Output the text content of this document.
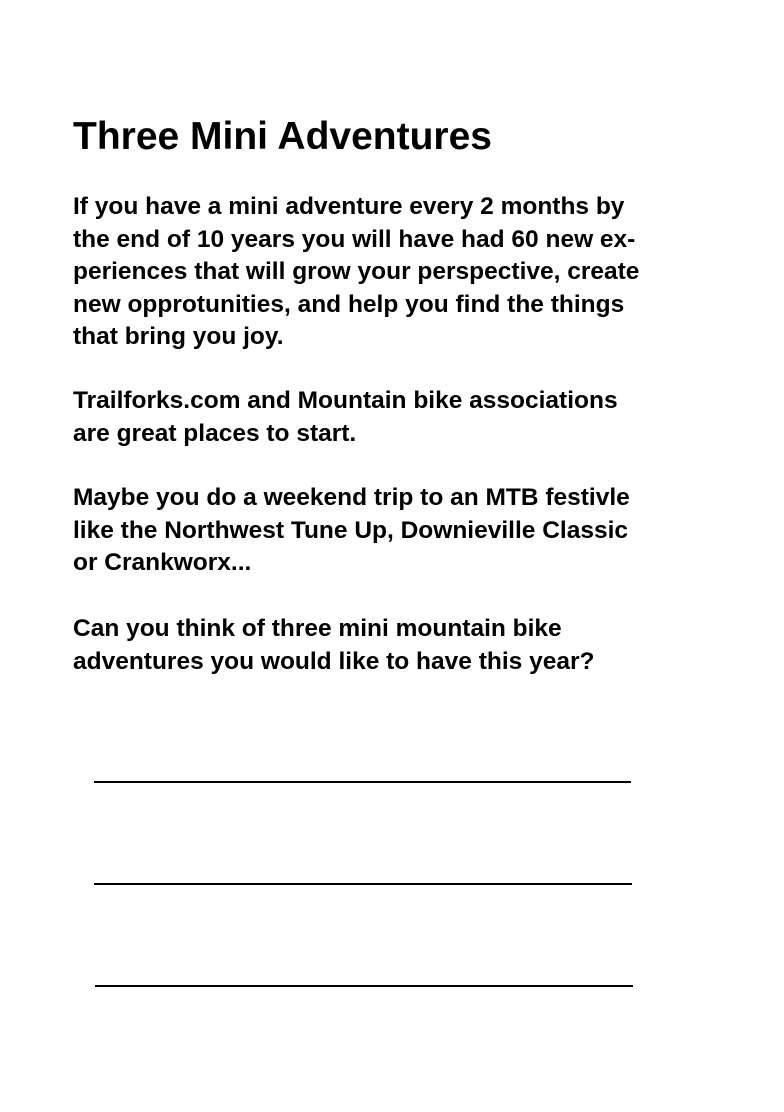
Three Mini Adventures

If you have a mini adventure every 2 months by
the end of 10 years you will have had 60 new ex-
periences that will grow your perspective, create
new opprotunities, and help you find the things
that bring you joy.

Trailforks.com and Mountain bike associations
are great places to start.

Maybe you do a weekend trip to an MTB festivle
like the Northwest Tune Up, Downieville Classic
or Crankworx...

Can you think of three mini mountain bike
adventures you would like to have this year?
